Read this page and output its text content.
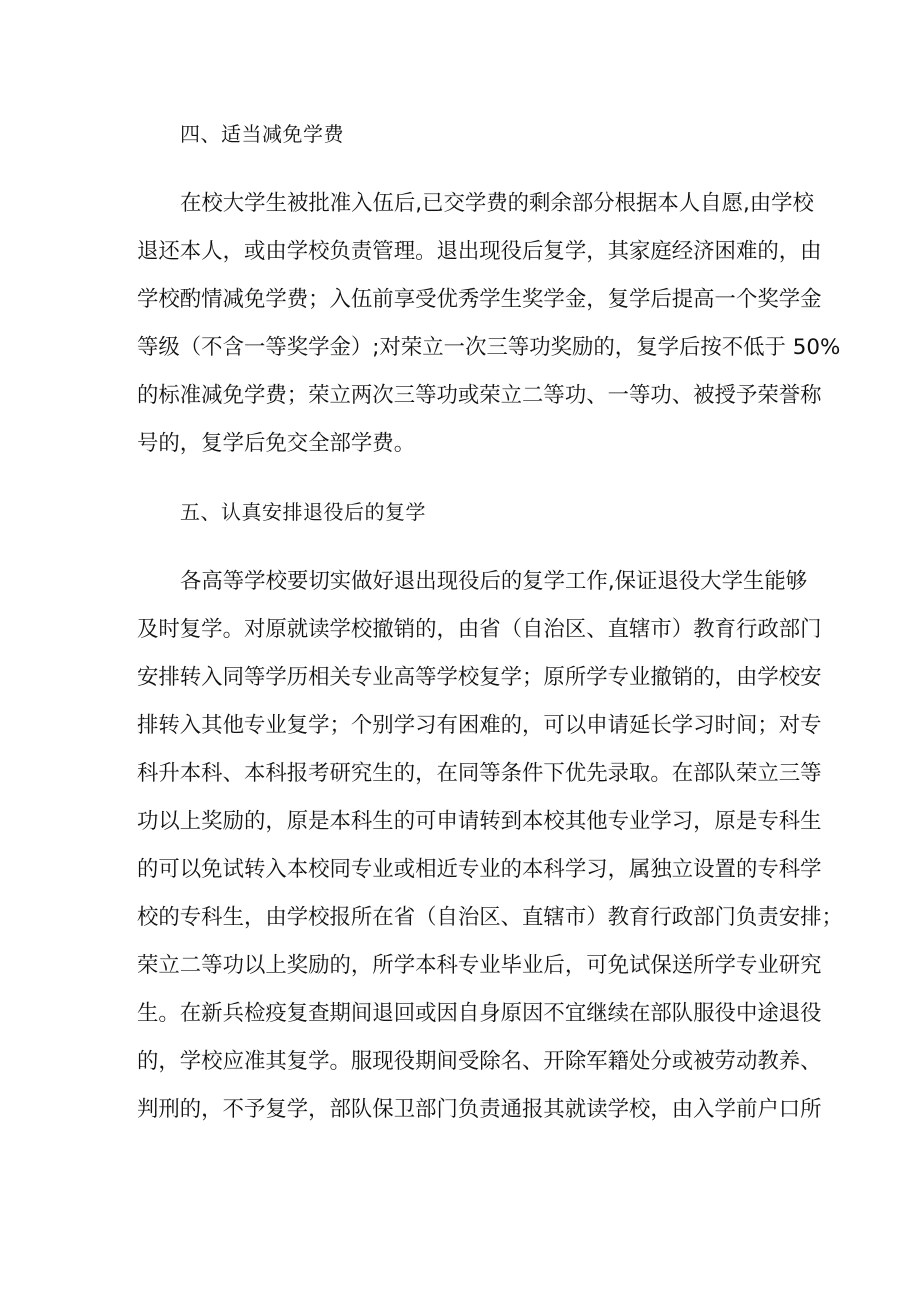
四、适当减免学费
在校大学生被批准入伍后,已交学费的剩余部分根据本人自愿,由学校
退还本人，或由学校负责管理。退出现役后复学，其家庭经济困难的，由
学校酌情减免学费；入伍前享受优秀学生奖学金，复学后提高一个奖学金
等级（不含一等奖学金）;对荣立一次三等功奖励的，复学后按不低于 50%
的标准减免学费；荣立两次三等功或荣立二等功、一等功、被授予荣誉称
号的，复学后免交全部学费。
五、认真安排退役后的复学
各高等学校要切实做好退出现役后的复学工作,保证退役大学生能够
及时复学。对原就读学校撤销的，由省（自治区、直辖市）教育行政部门
安排转入同等学历相关专业高等学校复学；原所学专业撤销的，由学校安
排转入其他专业复学；个别学习有困难的，可以申请延长学习时间；对专
科升本科、本科报考研究生的，在同等条件下优先录取。在部队荣立三等
功以上奖励的，原是本科生的可申请转到本校其他专业学习，原是专科生
的可以免试转入本校同专业或相近专业的本科学习，属独立设置的专科学
校的专科生，由学校报所在省（自治区、直辖市）教育行政部门负责安排；
荣立二等功以上奖励的，所学本科专业毕业后，可免试保送所学专业研究
生。在新兵检疫复查期间退回或因自身原因不宜继续在部队服役中途退役
的，学校应准其复学。服现役期间受除名、开除军籍处分或被劳动教养、
判刑的，不予复学，部队保卫部门负责通报其就读学校，由入学前户口所
